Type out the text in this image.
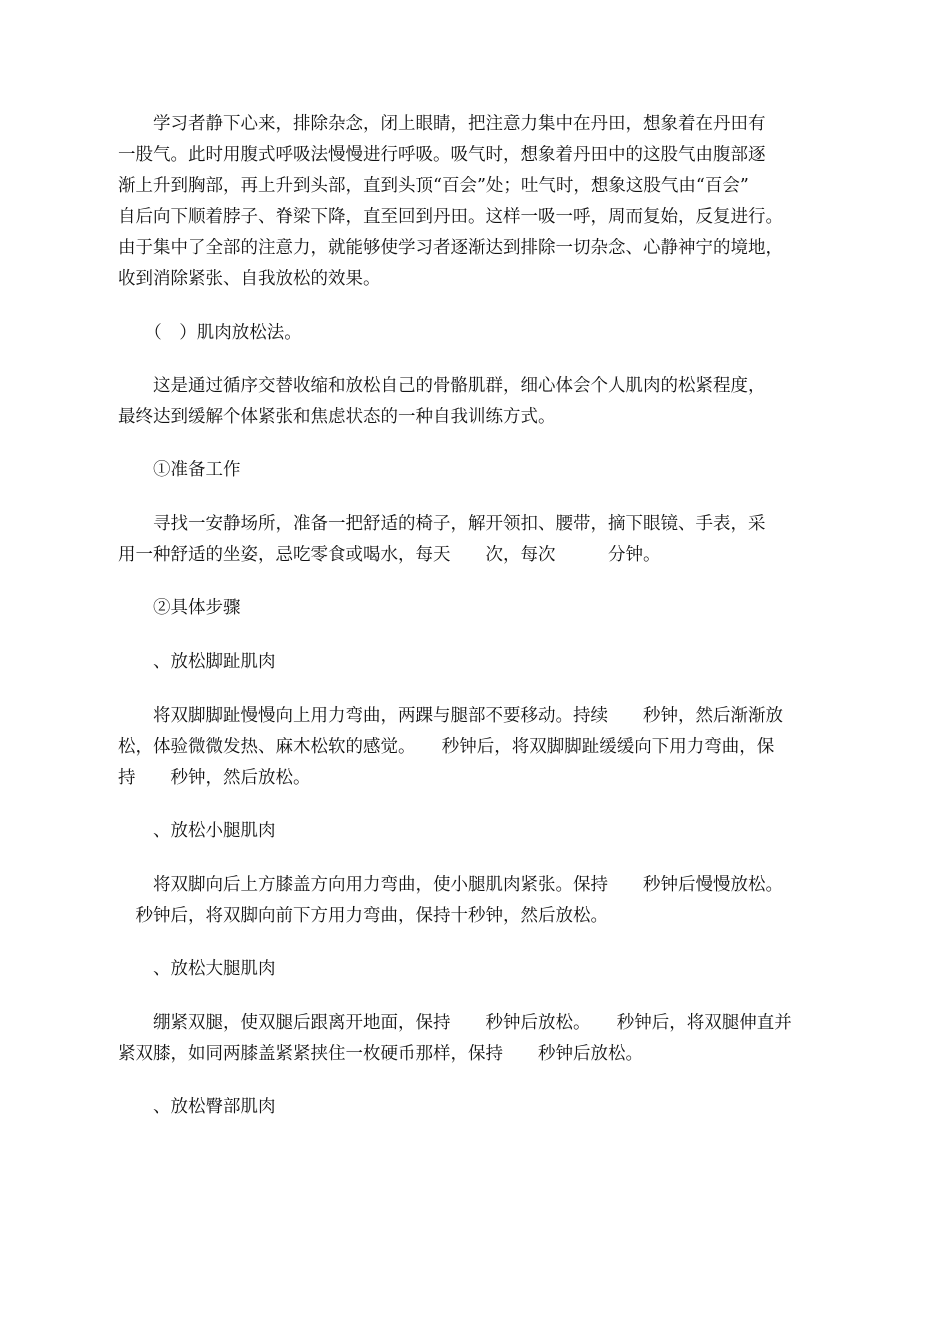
　　学习者静下心来，排除杂念，闭上眼睛，把注意力集中在丹田，想象着在丹田有
一股气。此时用腹式呼吸法慢慢进行呼吸。吸气时，想象着丹田中的这股气由腹部逐
渐上升到胸部，再上升到头部，直到头顶“百会”处；吐气时，想象这股气由“百会”
自后向下顺着脖子、脊梁下降，直至回到丹田。这样一吸一呼，周而复始，反复进行。
由于集中了全部的注意力，就能够使学习者逐渐达到排除一切杂念、心静神宁的境地，
收到消除紧张、自我放松的效果。
　　（　）肌肉放松法。
　　这是通过循序交替收缩和放松自己的骨骼肌群，细心体会个人肌肉的松紧程度，
最终达到缓解个体紧张和焦虑状态的一种自我训练方式。
　　①准备工作
　　寻找一安静场所，准备一把舒适的椅子，解开领扣、腰带，摘下眼镜、手表，采
用一种舒适的坐姿，忌吃零食或喝水，每天　　次，每次　　　分钟。
　　②具体步骤
　　、放松脚趾肌肉
　　将双脚脚趾慢慢向上用力弯曲，两踝与腿部不要移动。持续　　秒钟，然后渐渐放
松，体验微微发热、麻木松软的感觉。　　秒钟后，将双脚脚趾缓缓向下用力弯曲，保
持　　秒钟，然后放松。
　　、放松小腿肌肉
　　将双脚向后上方膝盖方向用力弯曲，使小腿肌肉紧张。保持　　秒钟后慢慢放松。
　秒钟后，将双脚向前下方用力弯曲，保持十秒钟，然后放松。
　　、放松大腿肌肉
　　绷紧双腿，使双腿后跟离开地面，保持　　秒钟后放松。　　秒钟后，将双腿伸直并
紧双膝，如同两膝盖紧紧挟住一枚硬币那样，保持　　秒钟后放松。
　　、放松臀部肌肉
